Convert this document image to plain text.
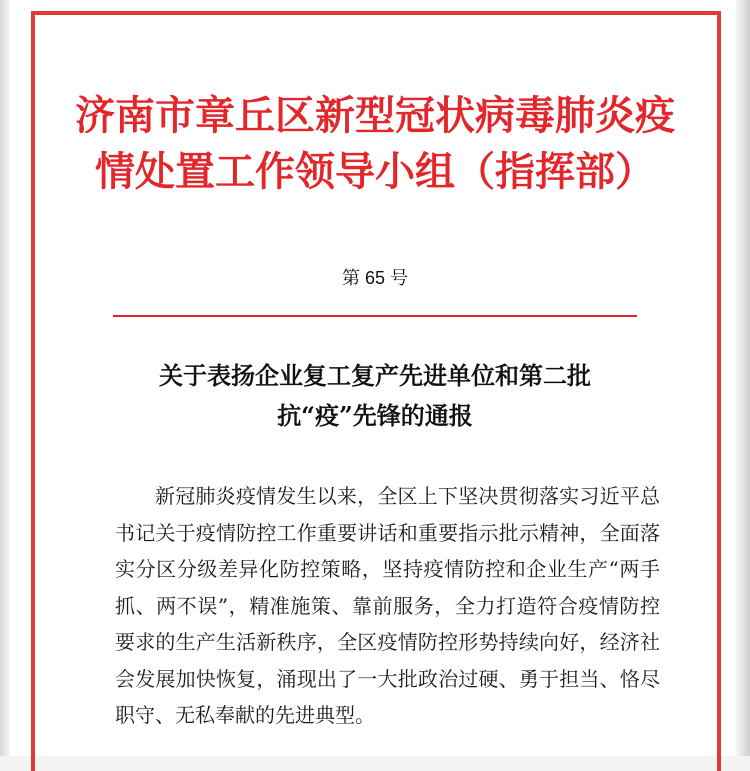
济南市章丘区新型冠状病毒肺炎疫情处置工作领导小组（指挥部）

第 65 号

关于表扬企业复工复产先进单位和第二批抗“疫”先锋的通报

新冠肺炎疫情发生以来，全区上下坚决贯彻落实习近平总书记关于疫情防控工作重要讲话和重要指示批示精神，全面落实分区分级差异化防控策略，坚持疫情防控和企业生产“两手抓、两不误”，精准施策、靠前服务，全力打造符合疫情防控要求的生产生活新秩序，全区疫情防控形势持续向好，经济社会发展加快恢复，涌现出了一大批政治过硬、勇于担当、恪尽职守、无私奉献的先进典型。
